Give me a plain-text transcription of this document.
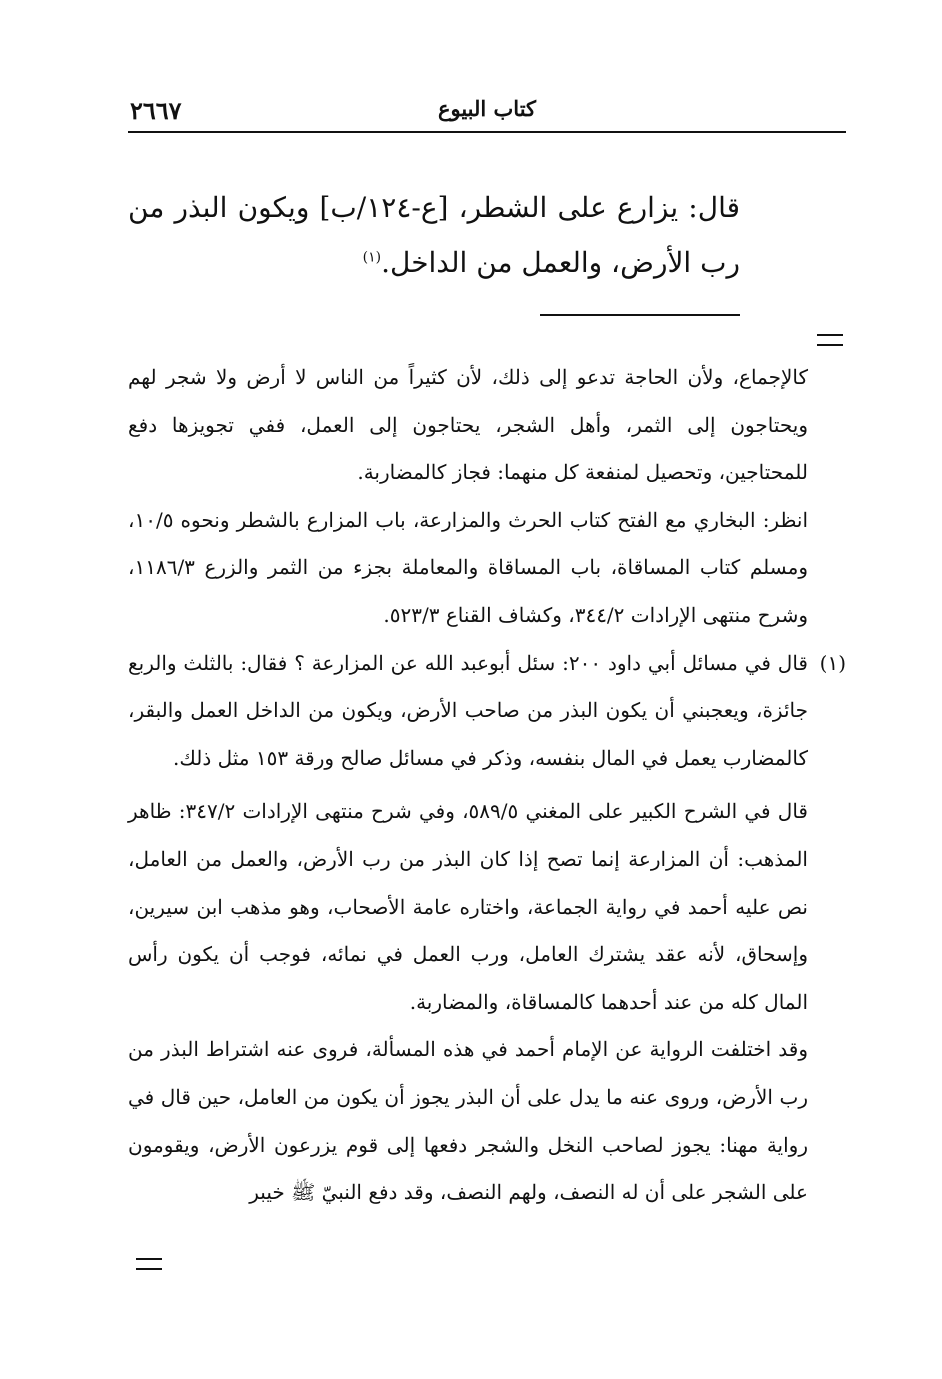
٢٦٦٧	كتاب البيوع
قال: يزارع على الشطر، [ع-١٢٤/ب] ويكون البذر من رب الأرض، والعمل من الداخل.$^{(١)}$

كالإجماع، ولأن الحاجة تدعو إلى ذلك، لأن كثيراً من الناس لا أرض ولا شجر لهم ويحتاجون إلى الثمر، وأهل الشجر، يحتاجون إلى العمل، ففي تجويزها دفع للمحتاجين، وتحصيل لمنفعة كل منهما: فجاز كالمضاربة.

انظر: البخاري مع الفتح كتاب الحرث والمزارعة، باب المزارع بالشطر ونحوه ١٠/٥، ومسلم كتاب المساقاة، باب المساقاة والمعاملة بجزء من الثمر والزرع ١١٨٦/٣، وشرح منتهى الإرادات ٣٤٤/٢، وكشاف القناع ٥٢٣/٣.

(١)
قال في مسائل أبي داود ٢٠٠: سئل أبوعبد الله عن المزارعة ؟ فقال: بالثلث والربع جائزة، ويعجبني أن يكون البذر من صاحب الأرض، ويكون من الداخل العمل والبقر، كالمضارب يعمل في المال بنفسه، وذكر في مسائل صالح ورقة ١٥٣ مثل ذلك.

قال في الشرح الكبير على المغني ٥٨٩/٥، وفي شرح منتهى الإرادات ٣٤٧/٢: ظاهر المذهب: أن المزارعة إنما تصح إذا كان البذر من رب الأرض، والعمل من العامل، نص عليه أحمد في رواية الجماعة، واختاره عامة الأصحاب، وهو مذهب ابن سيرين، وإسحاق، لأنه عقد يشترك العامل، ورب العمل في نمائه، فوجب أن يكون رأس المال كله من عند أحدهما كالمساقاة، والمضاربة.

وقد اختلفت الرواية عن الإمام أحمد في هذه المسألة، فروى عنه اشتراط البذر من رب الأرض، وروى عنه ما يدل على أن البذر يجوز أن يكون من العامل، حين قال في رواية مهنا: يجوز لصاحب النخل والشجر دفعها إلى قوم يزرعون الأرض، ويقومون على الشجر على أن له النصف، ولهم النصف، وقد دفع النبيّ ﷺ خيبر
